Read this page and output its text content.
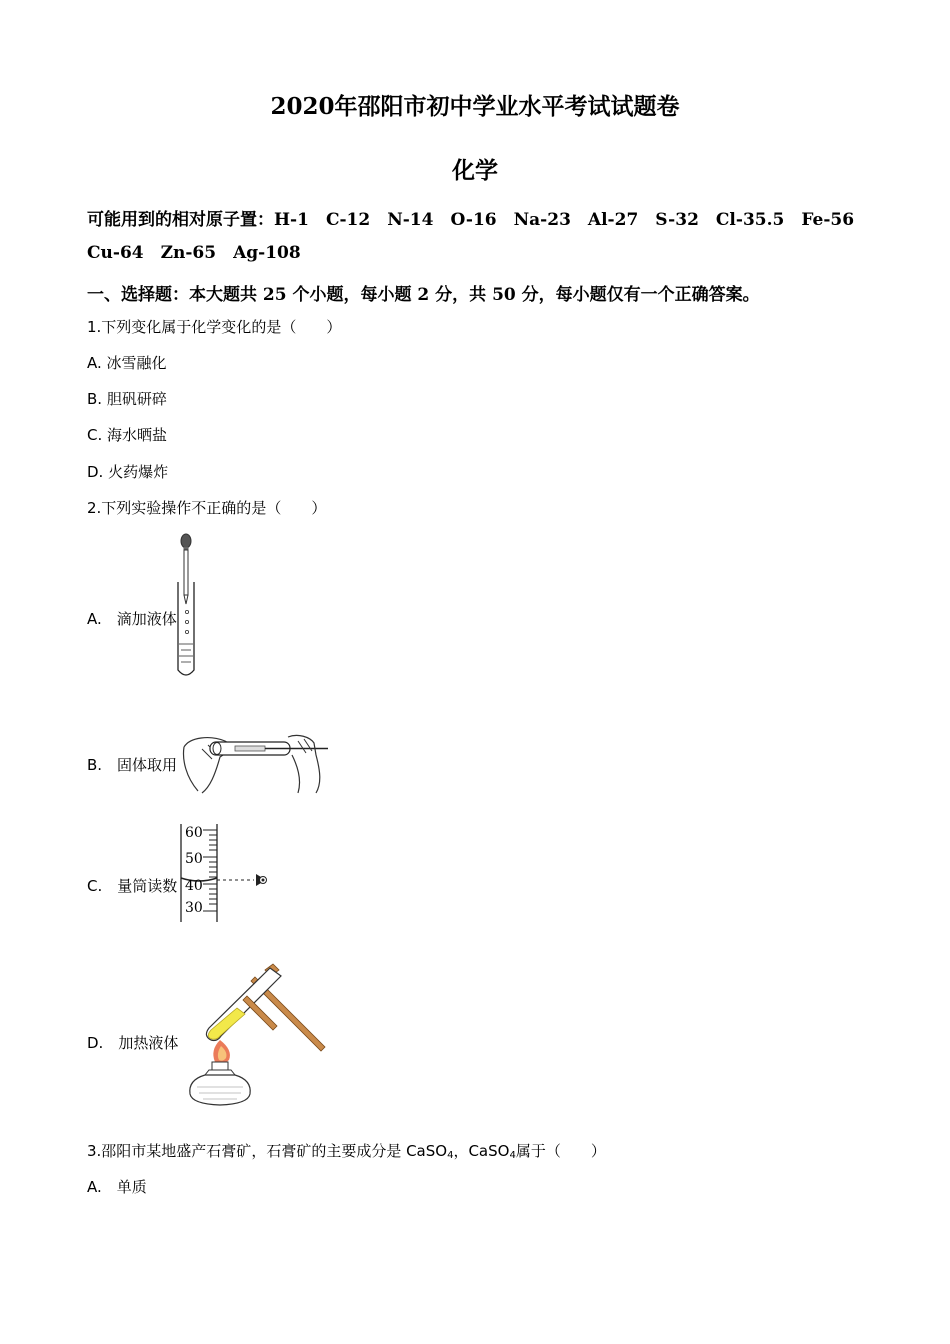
2020年邵阳市初中学业水平考试试题卷
化学
可能用到的相对原子置：H-1 C-12 N-14 O-16 Na-23 Al-27 S-32 Cl-35.5 Fe-56
Cu-64 Zn-65 Ag-108
一、选择题：本大题共 25 个小题，每小题 2 分，共 50 分，每小题仅有一个正确答案。
1.下列变化属于化学变化的是（　　）
A. 冰雪融化
B. 胆矾研碎
C. 海水晒盐
D. 火药爆炸
2.下列实验操作不正确的是（　　）
A.　滴加液体
B.　固体取用
C.　量筒读数
60
50
40
30
D.　加热液体
3.邵阳市某地盛产石膏矿，石膏矿的主要成分是 CaSO$_4$，CaSO$_4$属于（　　）
A.　单质
